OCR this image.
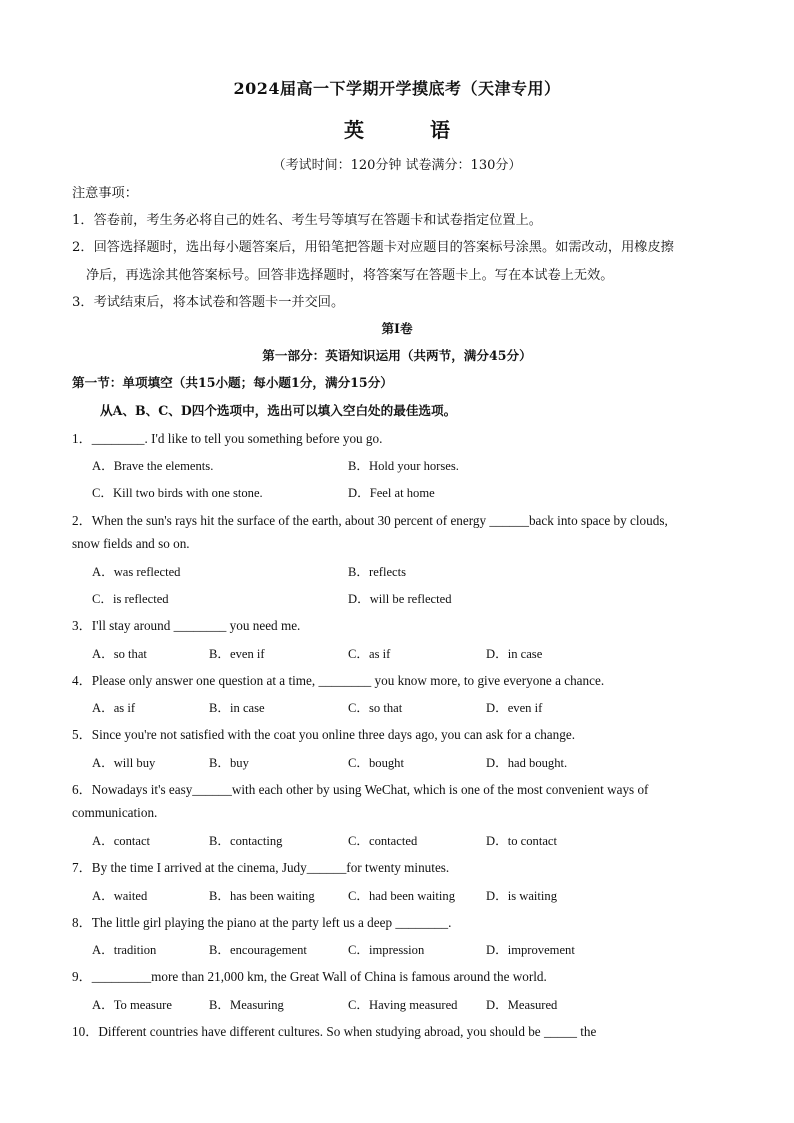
2024届高一下学期开学摸底考（天津专用）
英	语
（考试时间：120分钟 试卷满分：130分）
注意事项：
1．答卷前，考生务必将自己的姓名、考生号等填写在答题卡和试卷指定位置上。
2．回答选择题时，选出每小题答案后，用铅笔把答题卡对应题目的答案标号涂黑。如需改动，用橡皮擦
净后，再选涂其他答案标号。回答非选择题时，将答案写在答题卡上。写在本试卷上无效。
3．考试结束后，将本试卷和答题卡一并交回。
第I卷
第一部分：英语知识运用（共两节，满分45分）
第一节：单项填空（共15小题；每小题1分，满分15分）
从A、B、C、D四个选项中，选出可以填入空白处的最佳选项。
1．________. I'd like to tell you something before you go.
A．Brave the elements.	B．Hold your horses.
C．Kill two birds with one stone.	D．Feel at home
2．When the sun's rays hit the surface of the earth, about 30 percent of energy ______back into space by clouds,
snow fields and so on.
A．was reflected	B．reflects
C．is reflected	D．will be reflected
3．I'll stay around ________ you need me.
A．so that	B．even if	C．as if	D．in case
4．Please only answer one question at a time, ________ you know more, to give everyone a chance.
A．as if	B．in case	C．so that	D．even if
5．Since you're not satisfied with the coat you online three days ago, you can ask for a change.
A．will buy	B．buy	C．bought	D．had bought.
6．Nowadays it's easy______with each other by using WeChat, which is one of the most convenient ways of
communication.
A．contact	B．contacting	C．contacted	D．to contact
7．By the time I arrived at the cinema, Judy______for twenty minutes.
A．waited	B．has been waiting	C．had been waiting D．is waiting
8．The little girl playing the piano at the party left us a deep ________.
A．tradition	B．encouragement	C．impression	D．improvement
9．_________more than 21,000 km, the Great Wall of China is famous around the world.
A．To measure	B．Measuring	C．Having measured D．Measured
10．Different countries have different cultures. So when studying abroad, you should be _____ the
